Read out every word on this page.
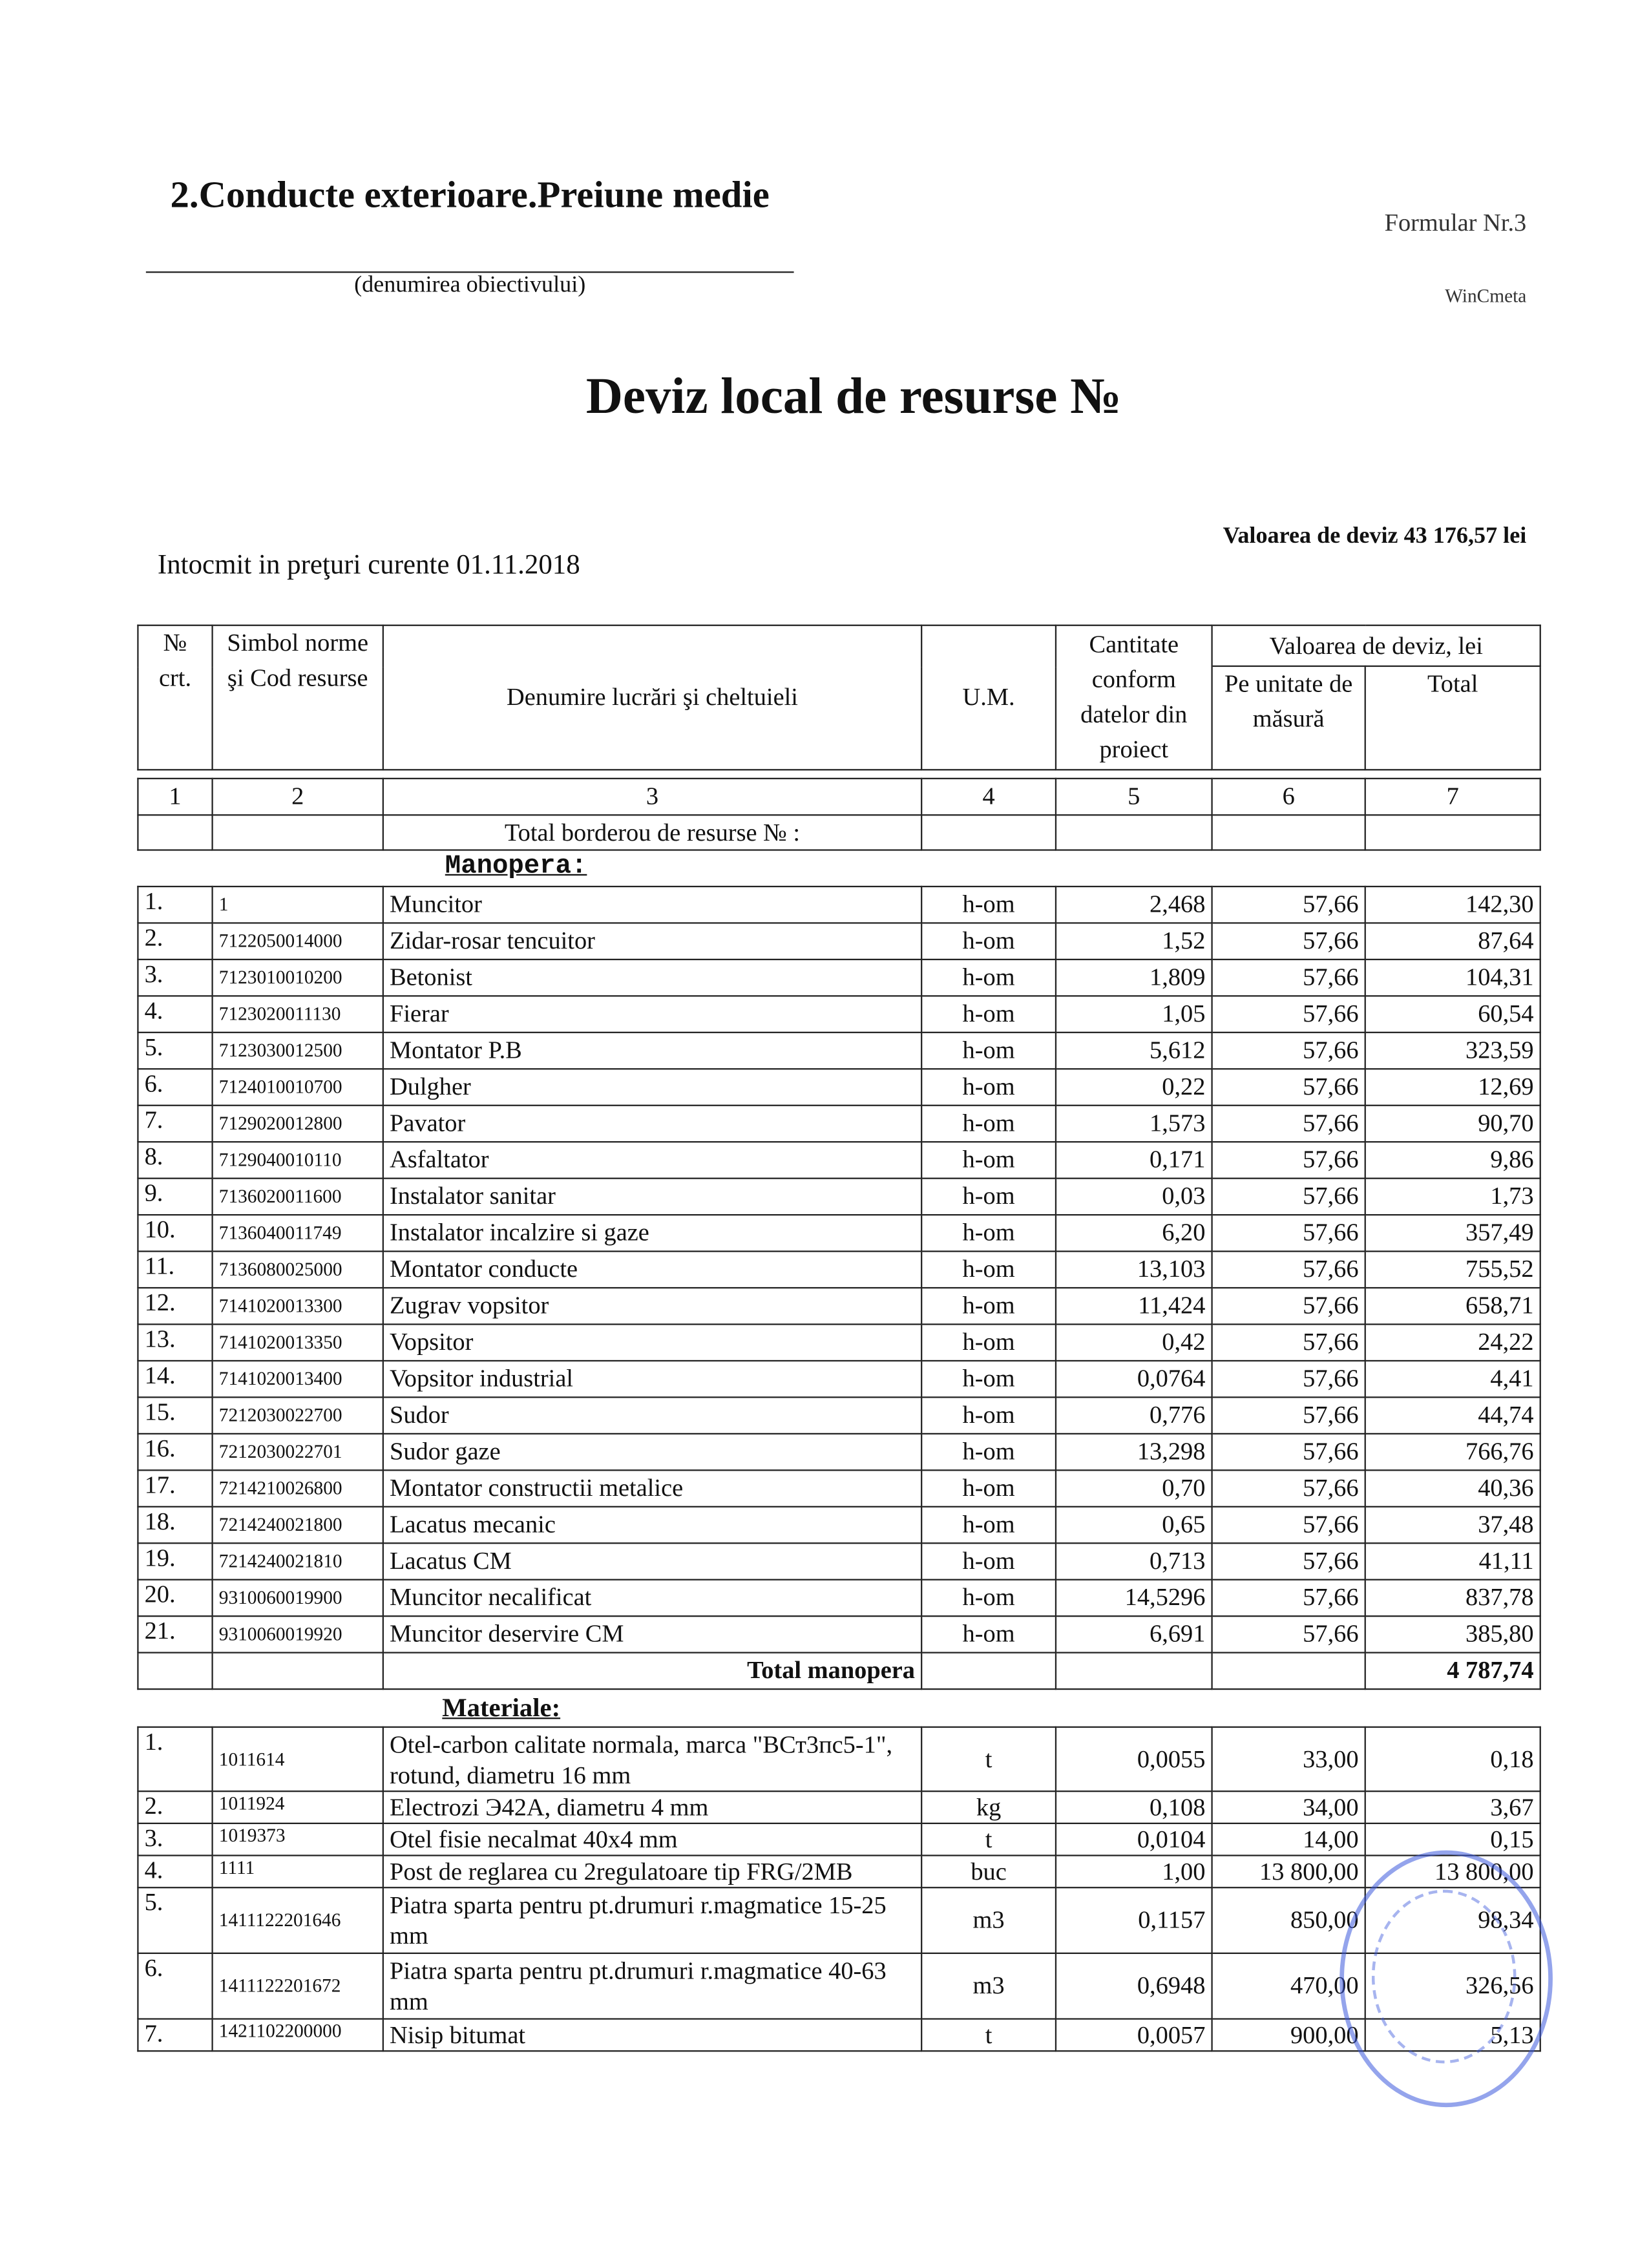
2.Conducte exterioare.Preiune medie
(denumirea obiectivului)
Formular Nr.3
WinCmeta
Deviz local de resurse №
Valoarea de deviz 43 176,57 lei
Intocmit in preţuri curente 01.11.2018
№ crt.	Simbol norme şi Cod resurse	Denumire lucrări şi cheltuieli	U.M.	Cantitate conform datelor din proiect	Valoarea de deviz, lei	
					Pe unitate de măsură	Total
1	2	3	4	5	6	7
		Total borderou de resurse № :				
Manopera:
1.	1	Muncitor	h-om	2,468	57,66	142,30
2.	7122050014000	Zidar-rosar tencuitor	h-om	1,52	57,66	87,64
3.	7123010010200	Betonist	h-om	1,809	57,66	104,31
4.	7123020011130	Fierar	h-om	1,05	57,66	60,54
5.	7123030012500	Montator P.B	h-om	5,612	57,66	323,59
6.	7124010010700	Dulgher	h-om	0,22	57,66	12,69
7.	7129020012800	Pavator	h-om	1,573	57,66	90,70
8.	7129040010110	Asfaltator	h-om	0,171	57,66	9,86
9.	7136020011600	Instalator sanitar	h-om	0,03	57,66	1,73
10.	7136040011749	Instalator incalzire si gaze	h-om	6,20	57,66	357,49
11.	7136080025000	Montator conducte	h-om	13,103	57,66	755,52
12.	7141020013300	Zugrav vopsitor	h-om	11,424	57,66	658,71
13.	7141020013350	Vopsitor	h-om	0,42	57,66	24,22
14.	7141020013400	Vopsitor industrial	h-om	0,0764	57,66	4,41
15.	7212030022700	Sudor	h-om	0,776	57,66	44,74
16.	7212030022701	Sudor gaze	h-om	13,298	57,66	766,76
17.	7214210026800	Montator constructii metalice	h-om	0,70	57,66	40,36
18.	7214240021800	Lacatus mecanic	h-om	0,65	57,66	37,48
19.	7214240021810	Lacatus CM	h-om	0,713	57,66	41,11
20.	9310060019900	Muncitor necalificat	h-om	14,5296	57,66	837,78
21.	9310060019920	Muncitor deservire CM	h-om	6,691	57,66	385,80
		Total manopera				4 787,74
Materiale:
1.	1011614	Otel-carbon calitate normala, marca "ВСт3пс5-1", rotund, diametru 16 mm	t	0,0055	33,00	0,18
2.	1011924	Electrozi Э42А, diametru 4 mm	kg	0,108	34,00	3,67
3.	1019373	Otel fisie necalmat 40x4 mm	t	0,0104	14,00	0,15
4.	1111	Post de reglarea cu 2regulatoare tip FRG/2MB	buc	1,00	13 800,00	13 800,00
5.	1411122201646	Piatra sparta pentru pt.drumuri r.magmatice 15-25 mm	m3	0,1157	850,00	98,34
6.	1411122201672	Piatra sparta pentru pt.drumuri r.magmatice 40-63 mm	m3	0,6948	470,00	326,56
7.	1421102200000	Nisip bitumat	t	0,0057	900,00	5,13
